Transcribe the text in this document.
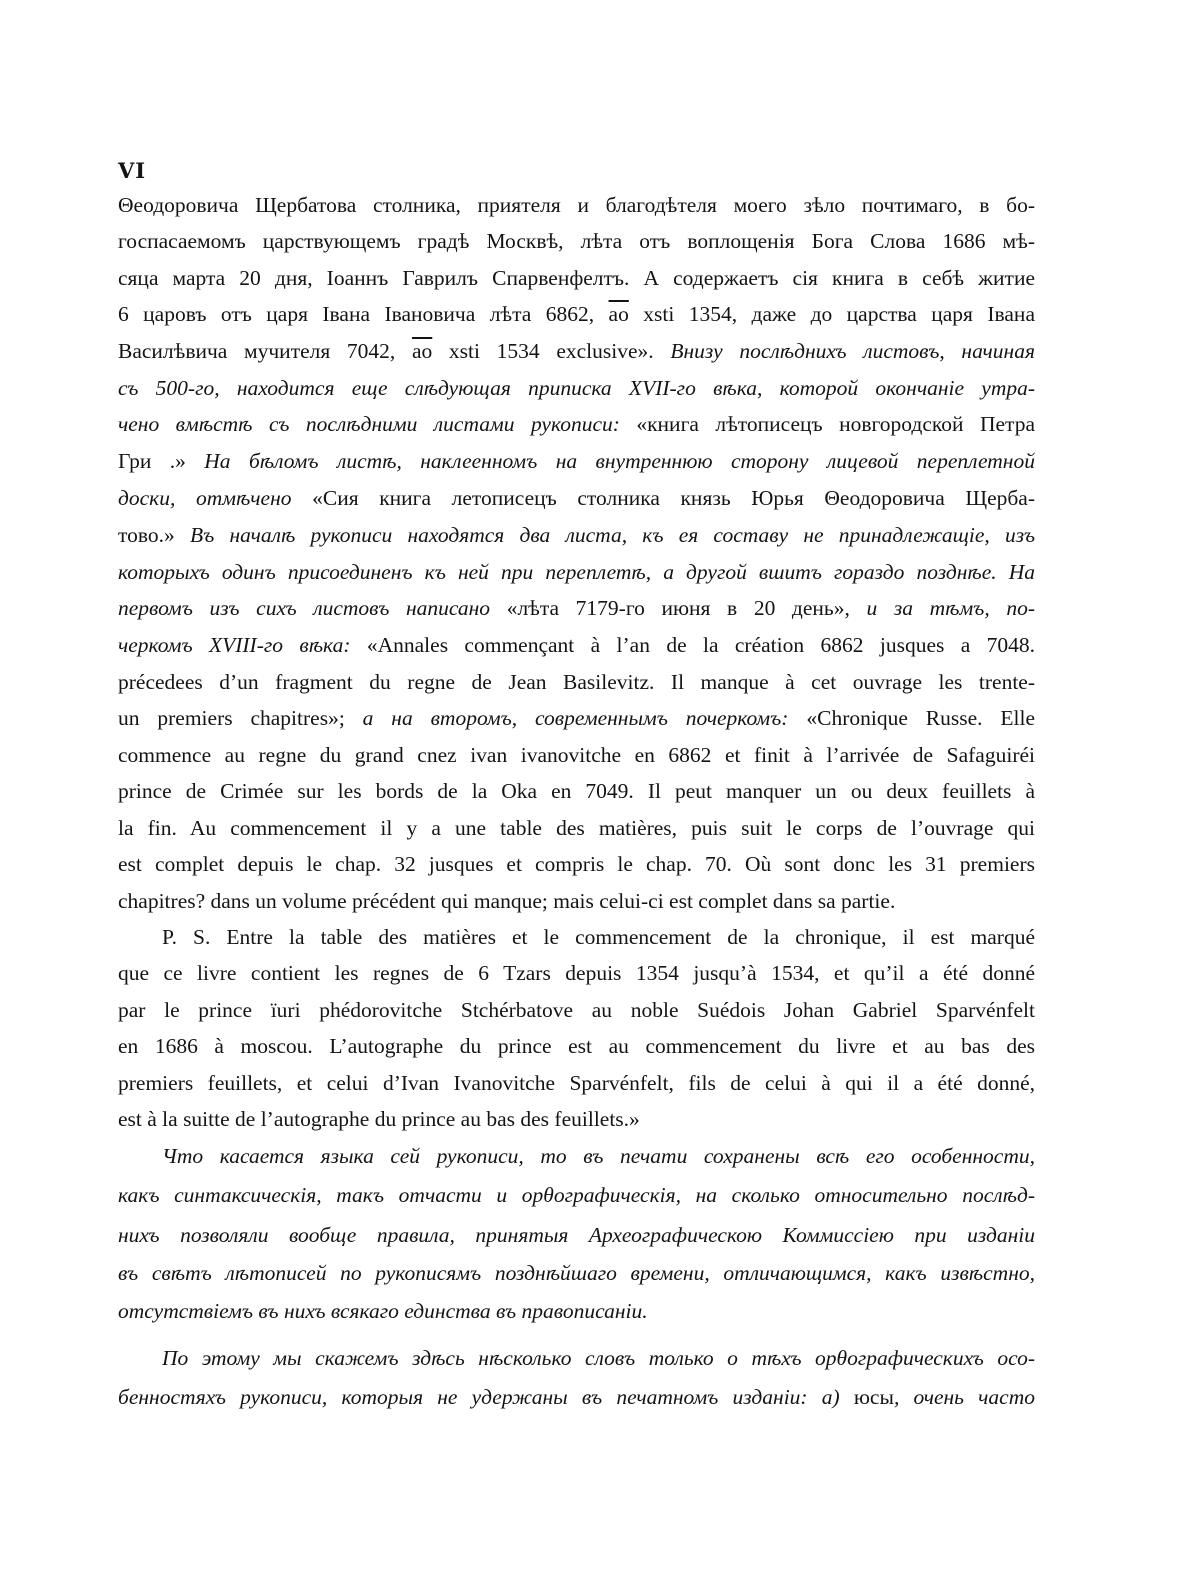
VI
Θеодоровича Щербатова столника, приятеля и благодѣтеля моего зѣло почтимаго, в бо-
госпасаемомъ царствующемъ градѣ Москвѣ, лѣта отъ воплощенія Бога Слова 1686 мѣ-
сяца марта 20 дня, Іоаннъ Гаврилъ Спарвенфелтъ. А содержаетъ сія книга в себѣ житие
6 царовъ отъ царя Івана Івановича лѣта 6862, ао xsti 1354, даже до царства царя Івана
Василѣвича мучителя 7042, ао xsti 1534 exclusive». Внизу послѣднихъ листовъ, начиная
съ 500-го, находится еще слѣдующая приписка XVII-го вѣка, которой окончаніе утра-
чено вмѣстѣ съ послѣдними листами рукописи: «книга лѣтописецъ новгородской Петра
Гри .» На бѣломъ листѣ, наклеенномъ на внутреннюю сторону лицевой переплетной
доски, отмѣчено «Сия книга летописецъ столника князь Юрья Θеодоровича Щерба-
тово.» Въ началѣ рукописи находятся два листа, къ ея составу не принадлежащіе, изъ
которыхъ одинъ присоединенъ къ ней при переплетѣ, а другой вшитъ гораздо позднѣе. На
первомъ изъ сихъ листовъ написано «лѣта 7179-го июня в 20 день», и за тѣмъ, по-
черкомъ XVIII-го вѣка: «Annales commençant à l’an de la création 6862 jusques a 7048.
précedees d’un fragment du regne de Jean Basilevitz. Il manque à cet ouvrage les trente-
un premiers chapitres»; а на второмъ, современнымъ почеркомъ: «Chronique Russe. Elle
commence au regne du grand cnez ivan ivanovitche en 6862 et finit à l’arrivée de Safaguiréi
prince de Crimée sur les bords de la Oka en 7049. Il peut manquer un ou deux feuillets à
la fin. Au commencement il y a une table des matières, puis suit le corps de l’ouvrage qui
est complet depuis le chap. 32 jusques et compris le chap. 70. Où sont donc les 31 premiers
chapitres? dans un volume précédent qui manque; mais celui-ci est complet dans sa partie.
P. S. Entre la table des matières et le commencement de la chronique, il est marqué
que ce livre contient les regnes de 6 Tzars depuis 1354 jusqu’à 1534, et qu’il a été donné
par le prince ïuri phédorovitche Stchérbatove au noble Suédois Johan Gabriel Sparvénfelt
en 1686 à moscou. L’autographe du prince est au commencement du livre et au bas des
premiers feuillets, et celui d’Ivan Ivanovitche Sparvénfelt, fils de celui à qui il a été donné,
est à la suitte de l’autographe du prince au bas des feuillets.»
Что касается языка сей рукописи, то въ печати сохранены всѣ его особенности,
какъ синтаксическія, такъ отчасти и орθографическія, на сколько относительно послѣд-
нихъ позволяли вообще правила, принятыя Археографическою Коммиссіею при изданіи
въ свѣтъ лѣтописей по рукописямъ позднѣйшаго времени, отличающимся, какъ извѣстно,
отсутствіемъ въ нихъ всякаго единства въ правописаніи.
По этому мы скажемъ здѣсь нѣсколько словъ только о тѣхъ орθографическихъ осо-
бенностяхъ рукописи, которыя не удержаны въ печатномъ изданіи: а) юсы, очень часто
